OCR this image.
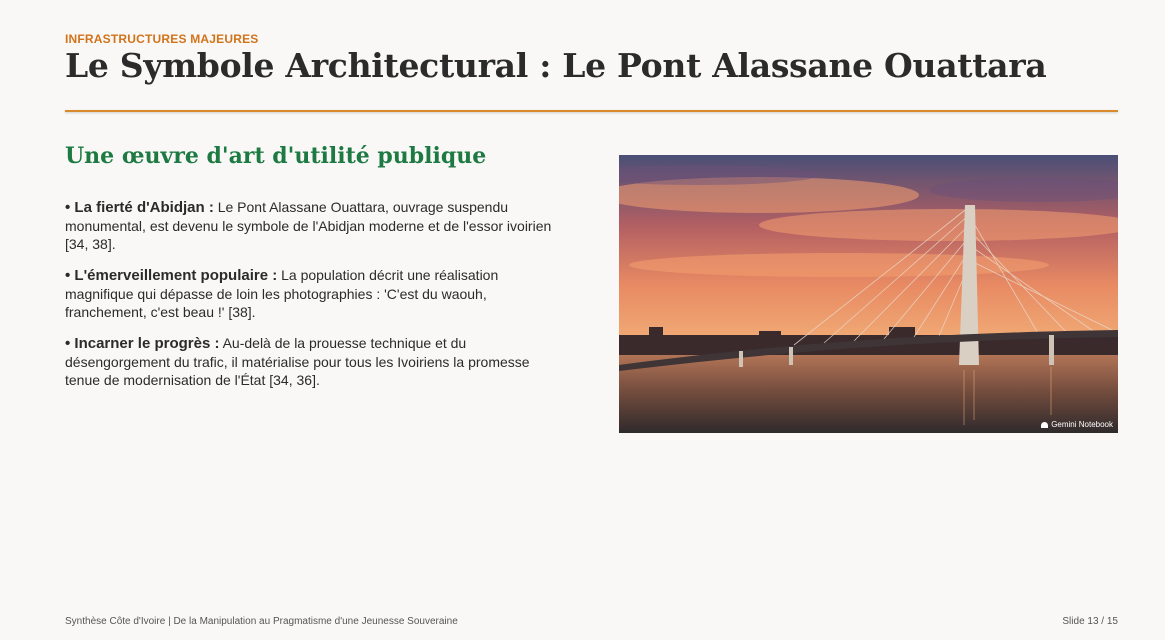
INFRASTRUCTURES MAJEURES
Le Symbole Architectural : Le Pont Alassane Ouattara
Une œuvre d'art d'utilité publique
• La fierté d'Abidjan : Le Pont Alassane Ouattara, ouvrage suspendu monumental, est devenu le symbole de l'Abidjan moderne et de l'essor ivoirien [34, 38].
• L'émerveillement populaire : La population décrit une réalisation magnifique qui dépasse de loin les photographies : 'C'est du waouh, franchement, c'est beau !' [38].
• Incarner le progrès : Au-delà de la prouesse technique et du désengorgement du trafic, il matérialise pour tous les Ivoiriens la promesse tenue de modernisation de l'État [34, 36].
Gemini Notebook
Synthèse Côte d'Ivoire | De la Manipulation au Pragmatisme d'une Jeunesse Souveraine	Slide 13 / 15
